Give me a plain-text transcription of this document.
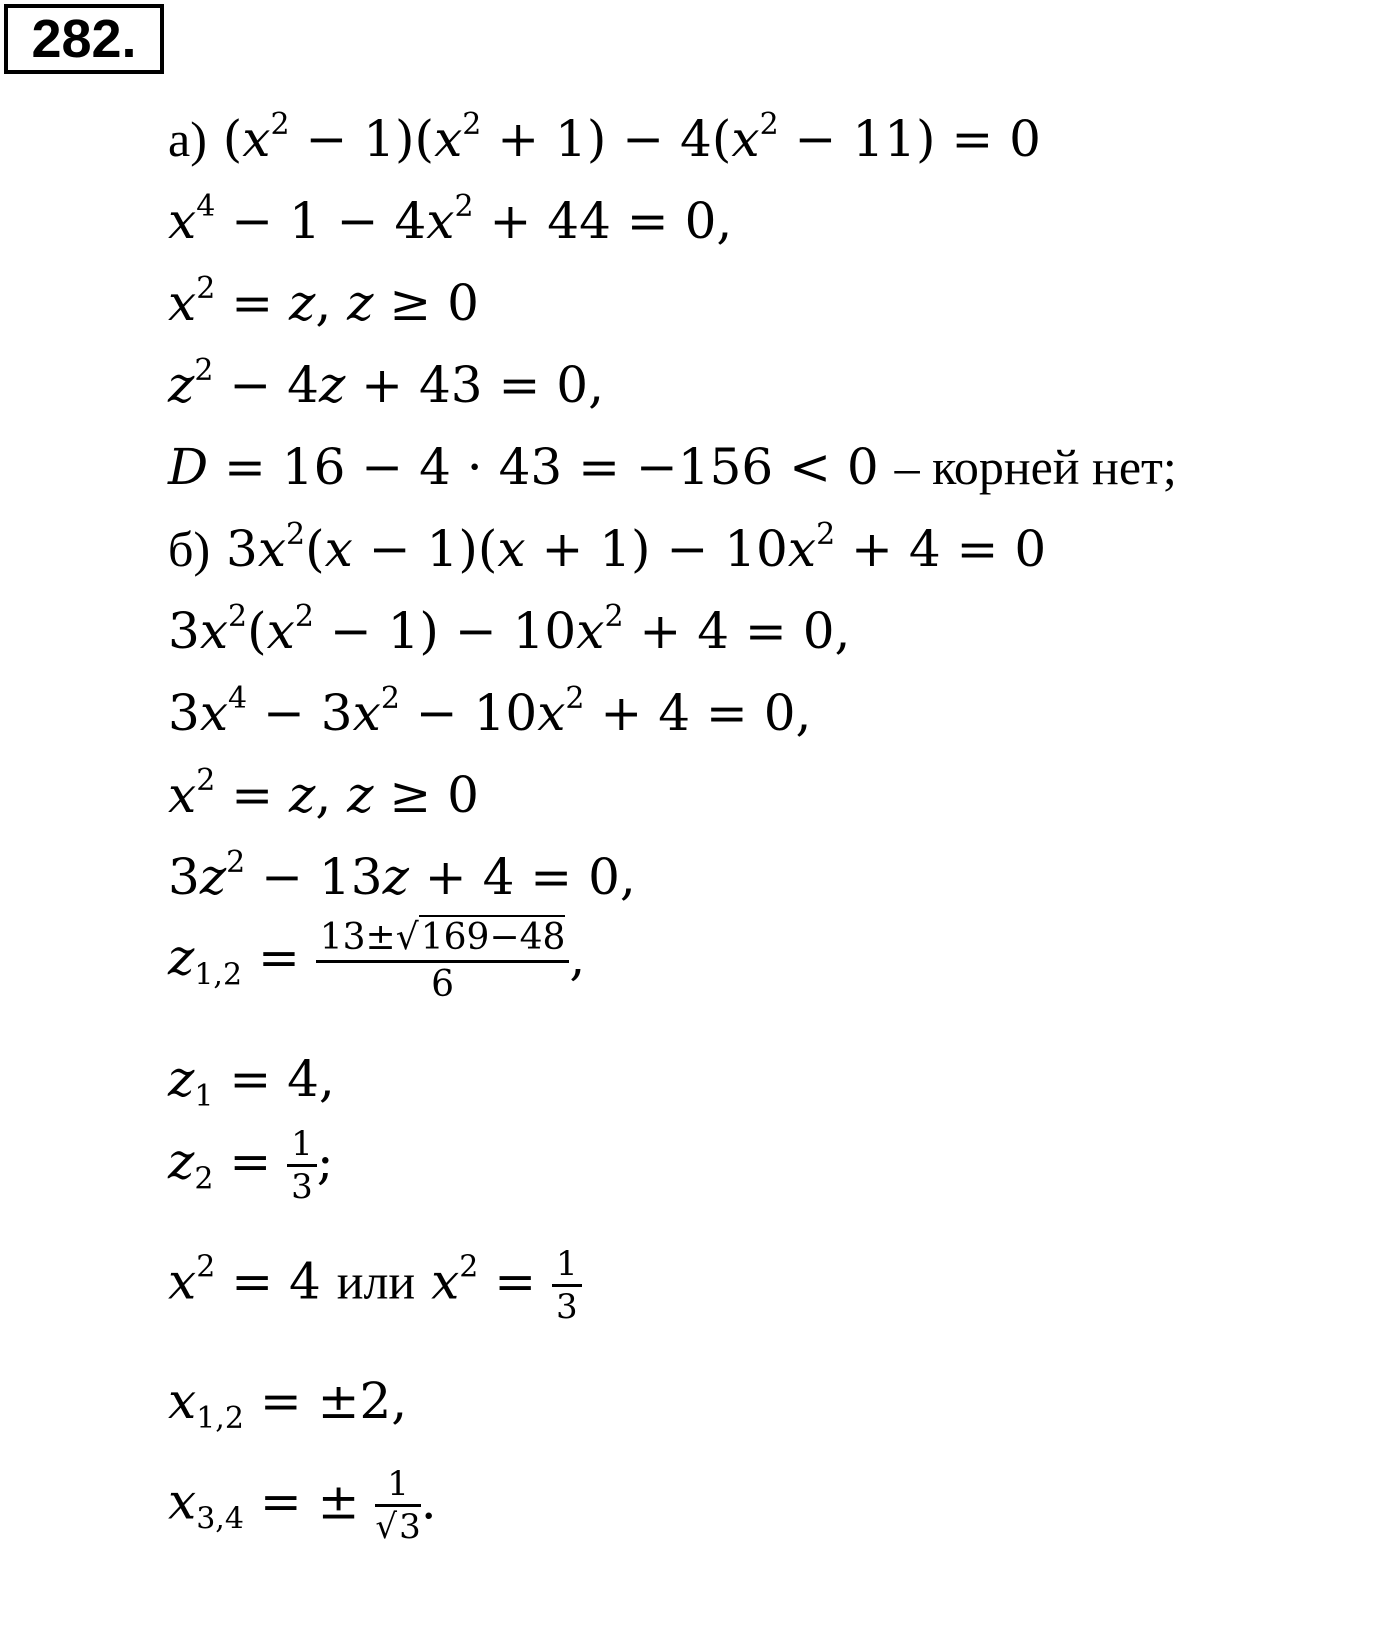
282.
а) $(x^2 - 1)(x^2 + 1) - 4(x^2 - 11) = 0$
$x^4 - 1 - 4x^2 + 44 = 0$,
$x^2 = z$, z ≥ 0
$z^2 - 4z + 43 = 0$,
D = 16 − 4 · 43 = −156 < 0 – корней нет;
б) $3x^2(x - 1)(x + 1) - 10x^2 + 4 = 0$
$3x^2(x^2 - 1) - 10x^2 + 4 = 0$,
$3x^4 - 3x^2 - 10x^2 + 4 = 0$,
$x^2 = z$, z ≥ 0
$3z^2 - 13z + 4 = 0$,
$z_{1,2} = \frac{13\pm√169-48}{6}$ ,
$z_1 = 4$,
$z_2 = \frac{1}{3}$ ;
$x^2 = 4$ или $x^2 = \frac{1}{3}$
$x_{1,2} = \pm 2$,
$x_{3,4}$ = ± $\frac{1}{√3}$ .
